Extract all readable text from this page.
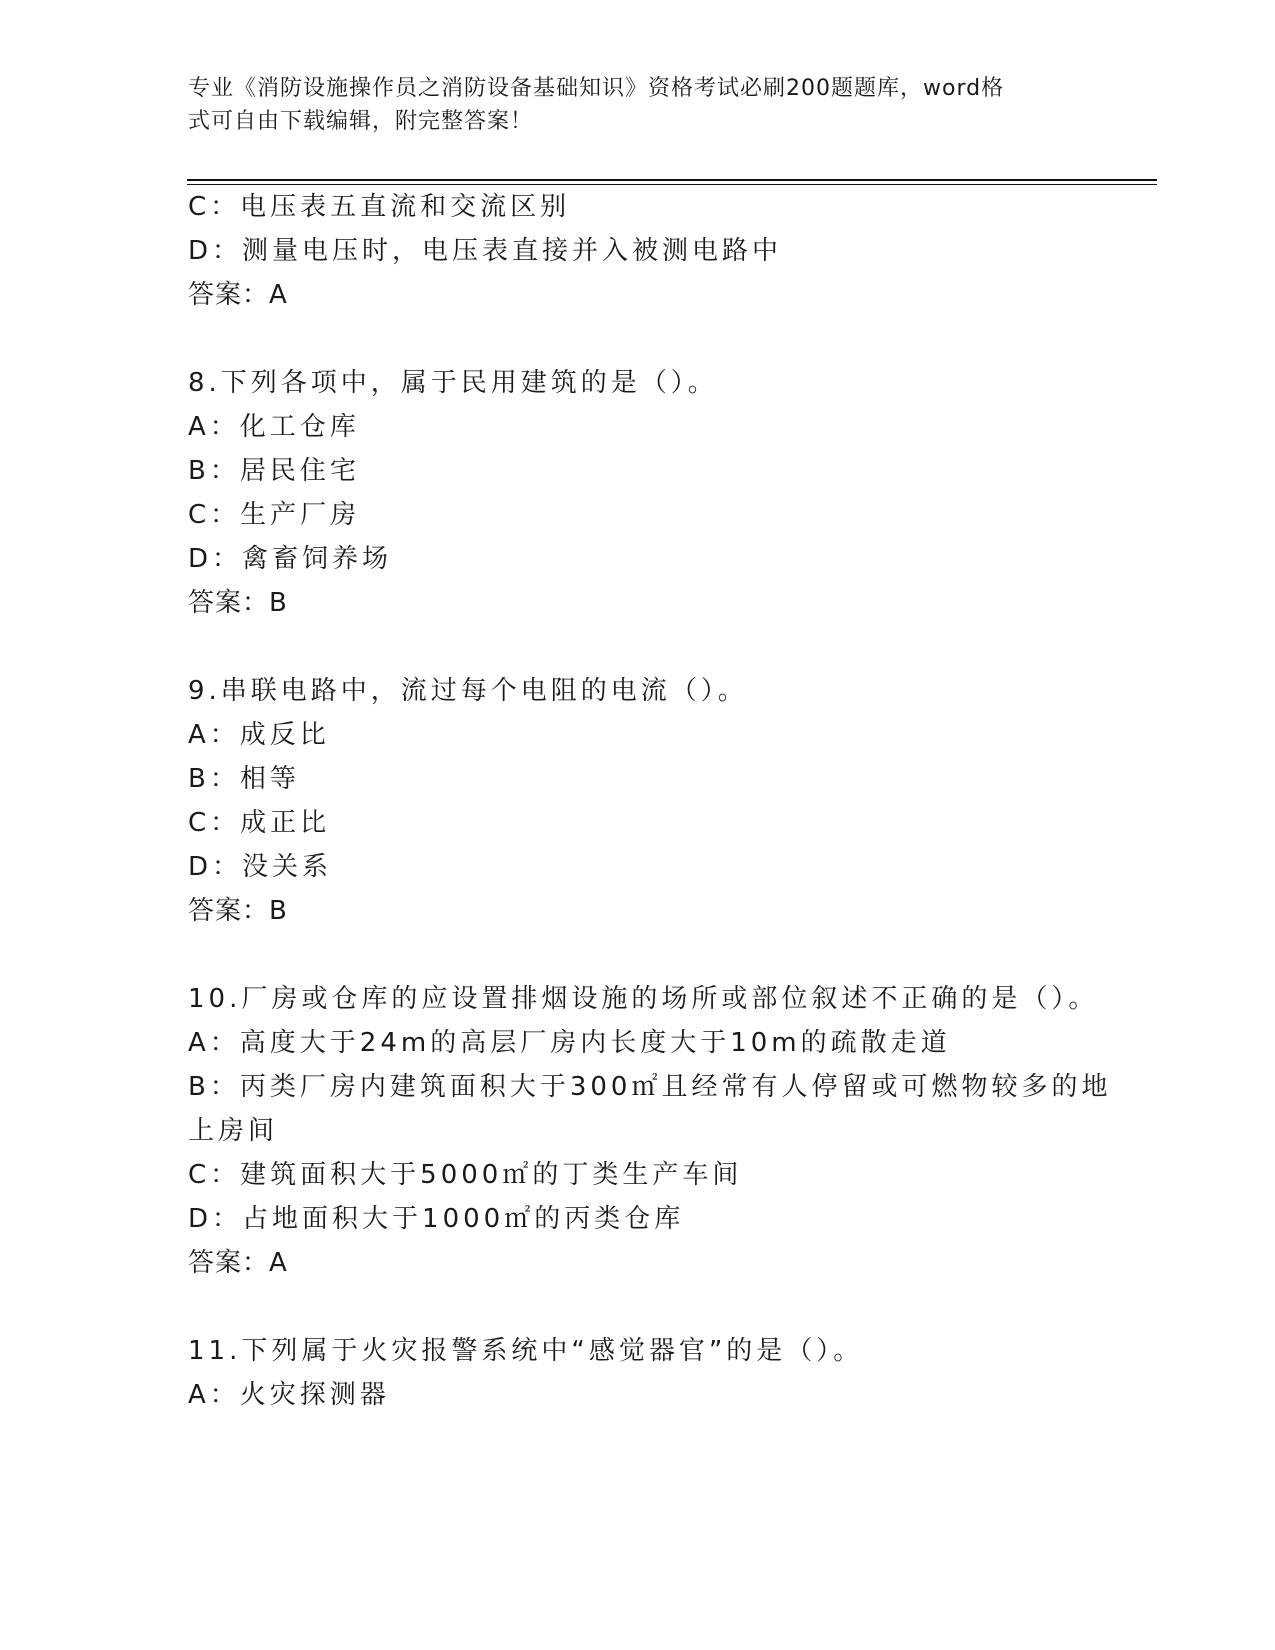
专业《消防设施操作员之消防设备基础知识》资格考试必刷200题题库，word格
式可自由下载编辑，附完整答案！
C：电压表五直流和交流区别
D：测量电压时，电压表直接并入被测电路中
答案：A
8.下列各项中，属于民用建筑的是（）。
A：化工仓库
B：居民住宅
C：生产厂房
D：禽畜饲养场
答案：B
9.串联电路中，流过每个电阻的电流（）。
A：成反比
B：相等
C：成正比
D：没关系
答案：B
10.厂房或仓库的应设置排烟设施的场所或部位叙述不正确的是（）。
A：高度大于24m的高层厂房内长度大于10m的疏散走道
B：丙类厂房内建筑面积大于300㎡且经常有人停留或可燃物较多的地
上房间
C：建筑面积大于5000㎡的丁类生产车间
D：占地面积大于1000㎡的丙类仓库
答案：A
11.下列属于火灾报警系统中“感觉器官”的是（）。
A：火灾探测器
